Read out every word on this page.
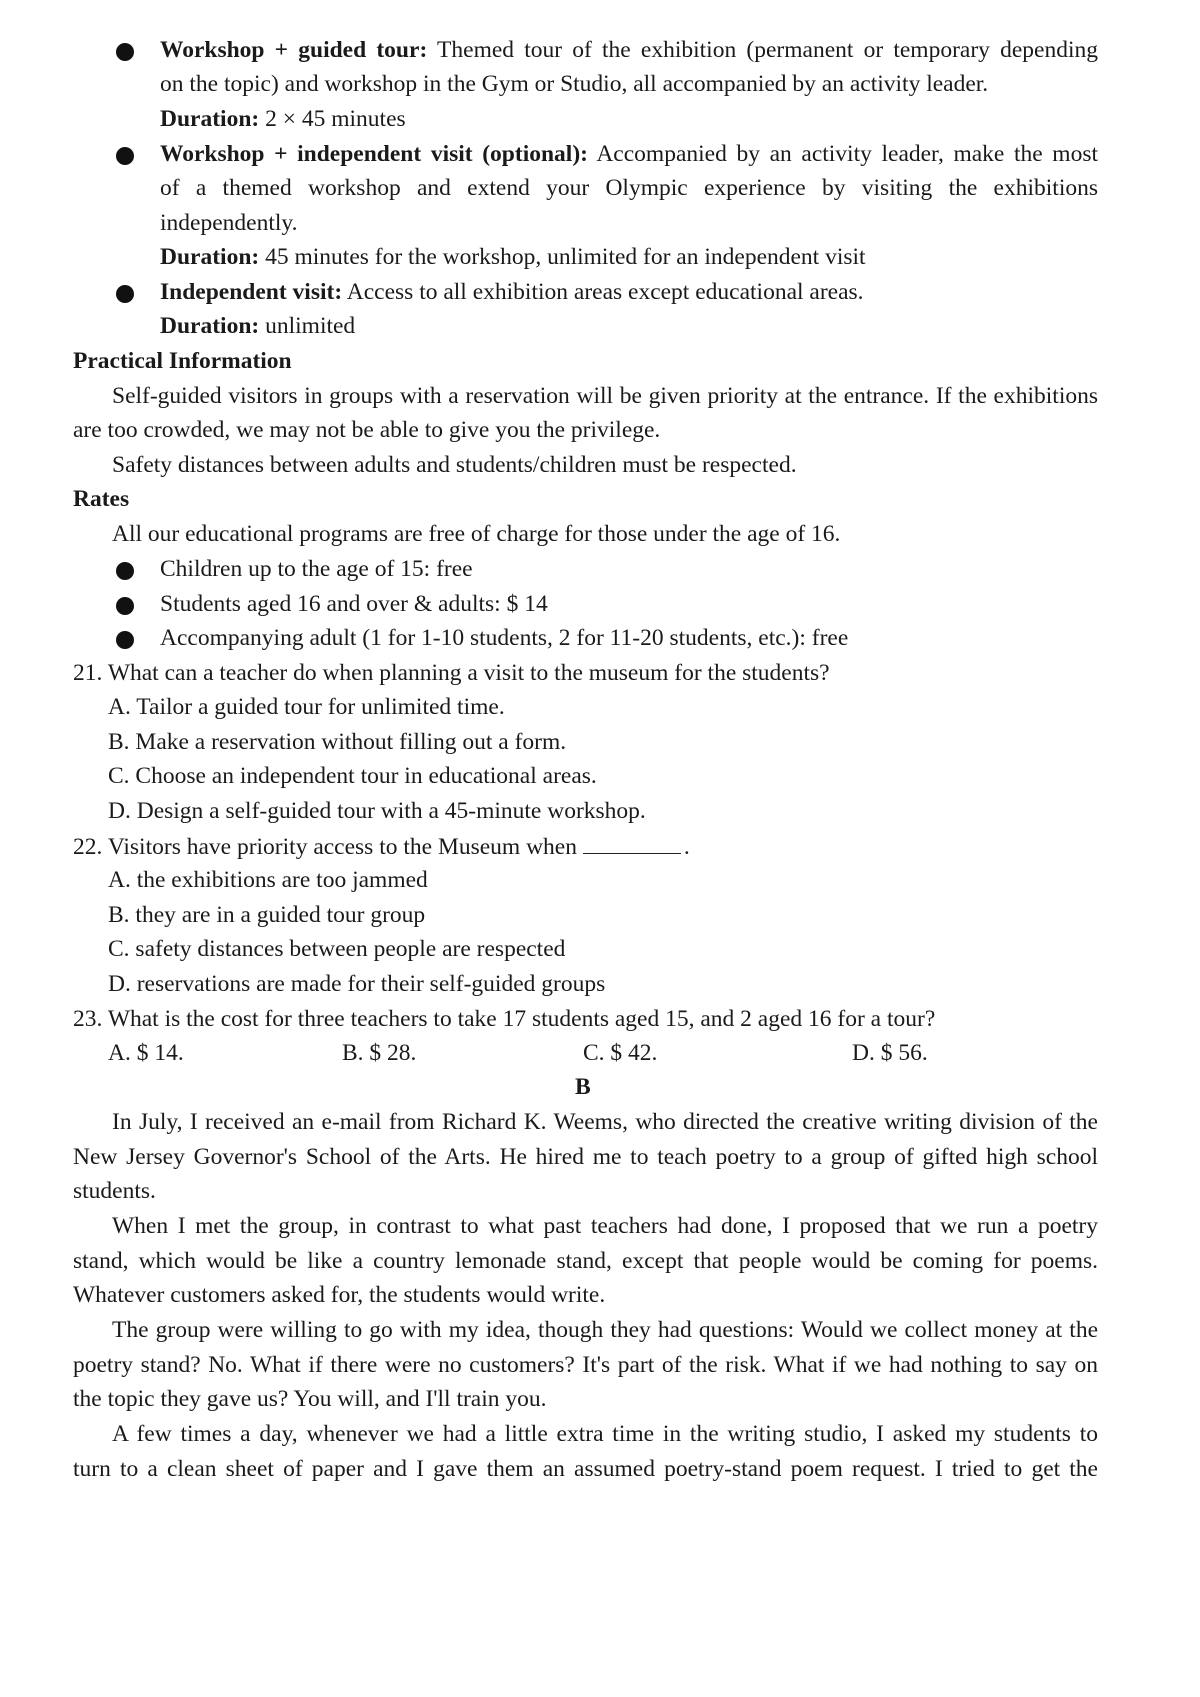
Workshop + guided tour: Themed tour of the exhibition (permanent or temporary depending
on the topic) and workshop in the Gym or Studio, all accompanied by an activity leader.
Duration: 2 × 45 minutes
Workshop + independent visit (optional): Accompanied by an activity leader, make the most
of a themed workshop and extend your Olympic experience by visiting the exhibitions
independently.
Duration: 45 minutes for the workshop, unlimited for an independent visit
Independent visit: Access to all exhibition areas except educational areas.
Duration: unlimited
Practical Information
Self-guided visitors in groups with a reservation will be given priority at the entrance. If the exhibitions
are too crowded, we may not be able to give you the privilege.
Safety distances between adults and students/children must be respected.
Rates
All our educational programs are free of charge for those under the age of 16.
Children up to the age of 15: free
Students aged 16 and over & adults: $ 14
Accompanying adult (1 for 1-10 students, 2 for 11-20 students, etc.): free
21. What can a teacher do when planning a visit to the museum for the students?
A. Tailor a guided tour for unlimited time.
B. Make a reservation without filling out a form.
C. Choose an independent tour in educational areas.
D. Design a self-guided tour with a 45-minute workshop.
22. Visitors have priority access to the Museum when	.
A. the exhibitions are too jammed
B. they are in a guided tour group
C. safety distances between people are respected
D. reservations are made for their self-guided groups
23. What is the cost for three teachers to take 17 students aged 15, and 2 aged 16 for a tour?
A. $ 14.	B. $ 28.	C. $ 42.	D. $ 56.
B
In July, I received an e-mail from Richard K. Weems, who directed the creative writing division of the
New Jersey Governor's School of the Arts. He hired me to teach poetry to a group of gifted high school
students.
When I met the group, in contrast to what past teachers had done, I proposed that we run a poetry
stand, which would be like a country lemonade stand, except that people would be coming for poems.
Whatever customers asked for, the students would write.
The group were willing to go with my idea, though they had questions: Would we collect money at the
poetry stand? No. What if there were no customers? It's part of the risk. What if we had nothing to say on
the topic they gave us? You will, and I'll train you.
A few times a day, whenever we had a little extra time in the writing studio, I asked my students to
turn to a clean sheet of paper and I gave them an assumed poetry-stand poem request. I tried to get the
